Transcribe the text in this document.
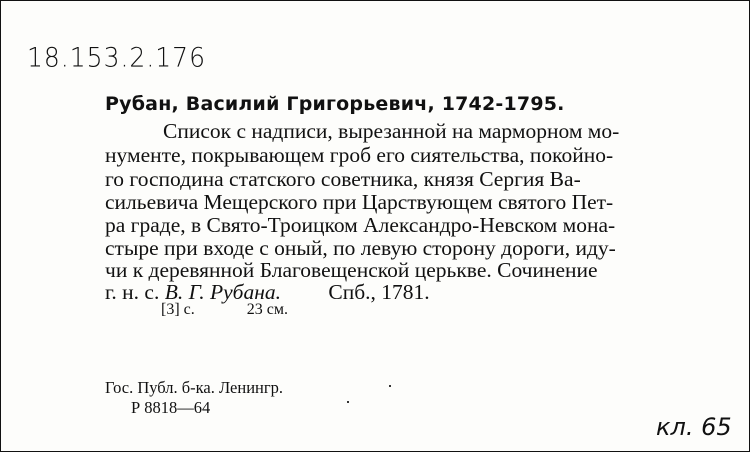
18.153.2.176
Рубан, Василий Григорьевич, 1742-1795.
Список с надписи, вырезанной на марморном мо-
нументе, покрывающем гроб его сиятельства, покойно-
го господина статского советника, князя Сергия Ва-
сильевича Мещерского при Царствующем святого Пет-
ра граде, в Свято-Троицком Александро-Невском мона-
стыре при входе с оный, по левую сторону дороги, иду-
чи к деревянной Благовещенской церькве. Сочинение
г. н. с. В. Г. Рубана. Спб., 1781.
[3] с.	23 см.
Гос. Публ. б-ка. Ленингр.
Р 8818—64
кл. 65
